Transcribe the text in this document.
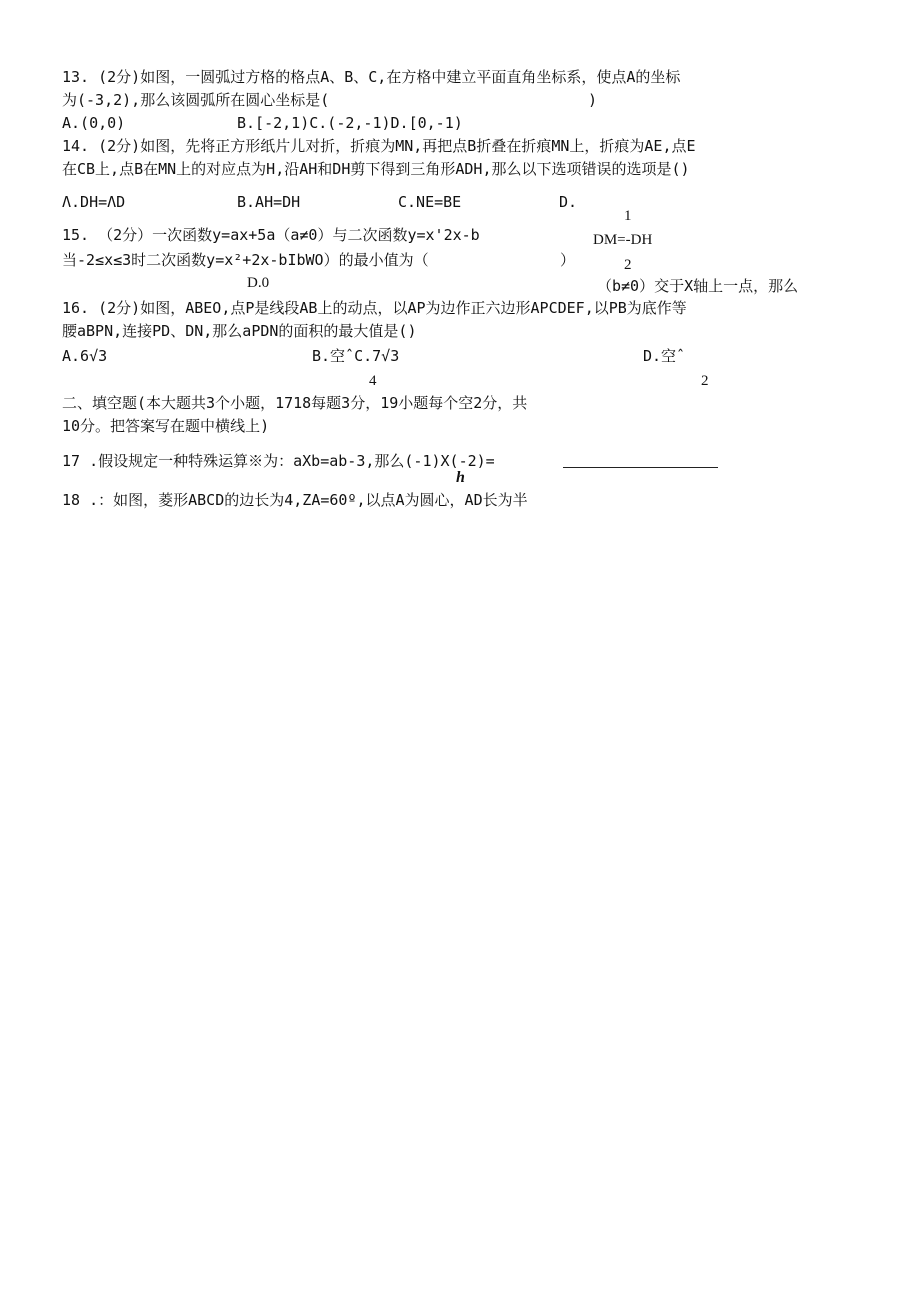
13. (2分)如图，一圆弧过方格的格点A、B、C,在方格中建立平面直角坐标系，使点A的坐标
为(-3,2),那么该圆弧所在圆心坐标是(	)
A.(0,0)	B.[-2,1)C.(-2,-1)D.[0,-1)
14. (2分)如图，先将正方形纸片儿对折，折痕为MN,再把点B折叠在折痕MN上，折痕为AE,点E
在CB上,点B在MN上的对应点为H,沿AH和DH剪下得到三角形ADH,那么以下选项错误的选项是()
Λ.DH=ΛD	B.AH=DH	C.NE=BE	D.
1
DM=-DH
2
15. （2分）一次函数y=ax+5a（a≠0）与二次函数y=x'2x-b
当-2≤x≤3时二次函数y=x²+2x-bIbWO）的最小值为（	）
D.0	（b≠0）交于X轴上一点，那么
16. (2分)如图，ABEO,点P是线段AB上的动点，以AP为边作正六边形APCDEF,以PB为底作等
腰aBPN,连接PD、DN,那么aPDN的面积的最大值是()
A.6√3	B.空ˆC.7√3
4
D.空ˆ
2
二、填空题(本大题共3个小题，1718每题3分，19小题每个空2分，共
10分。把答案写在题中横线上)
17 .假设规定一种特殊运算※为：aXb=ab-3,那么(-1)X(-2)=
h
18 .：如图，菱形ABCD的边长为4,ZA=60º,以点A为圆心，AD长为半
